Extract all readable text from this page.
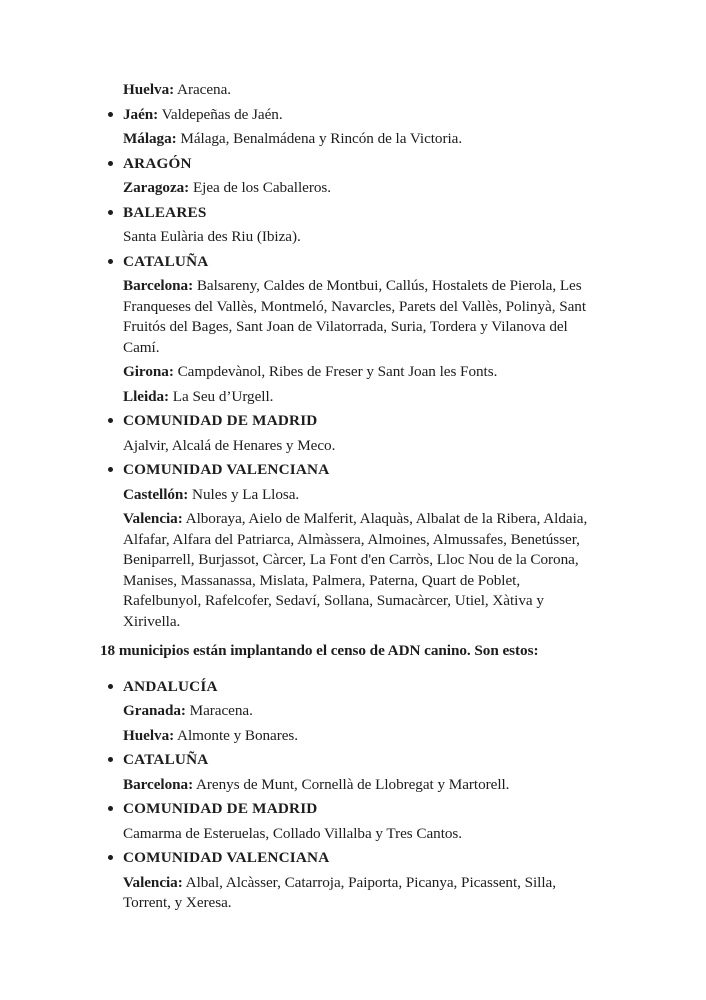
Huelva: Aracena.
Jaén: Valdepeñas de Jaén.
Málaga: Málaga, Benalmádena y Rincón de la Victoria.
ARAGÓN
Zaragoza: Ejea de los Caballeros.
BALEARES
Santa Eulària des Riu (Ibiza).
CATALUÑA
Barcelona: Balsareny, Caldes de Montbui, Callús, Hostalets de Pierola, Les Franqueses del Vallès, Montmeló, Navarcles, Parets del Vallès, Polinyà, Sant Fruitós del Bages, Sant Joan de Vilatorrada, Suria, Tordera y Vilanova del Camí.
Girona: Campdevànol, Ribes de Freser y Sant Joan les Fonts.
Lleida: La Seu d’Urgell.
COMUNIDAD DE MADRID
Ajalvir, Alcalá de Henares y Meco.
COMUNIDAD VALENCIANA
Castellón: Nules y La Llosa.
Valencia: Alboraya, Aielo de Malferit, Alaquàs, Albalat de la Ribera, Aldaia, Alfafar, Alfara del Patriarca, Almàssera, Almoines, Almussafes, Benetússer, Beniparrell, Burjassot, Càrcer, La Font d'en Carròs, Lloc Nou de la Corona, Manises, Massanassa, Mislata, Palmera, Paterna, Quart de Poblet, Rafelbunyol, Rafelcofer, Sedaví, Sollana, Sumacàrcer, Utiel, Xàtiva y Xirivella.
18 municipios están implantando el censo de ADN canino. Son estos:
ANDALUCÍA
Granada: Maracena.
Huelva: Almonte y Bonares.
CATALUÑA
Barcelona: Arenys de Munt, Cornellà de Llobregat y Martorell.
COMUNIDAD DE MADRID
Camarma de Esteruelas, Collado Villalba y Tres Cantos.
COMUNIDAD VALENCIANA
Valencia: Albal, Alcàsser, Catarroja, Paiporta, Picanya, Picassent, Silla, Torrent, y Xeresa.
